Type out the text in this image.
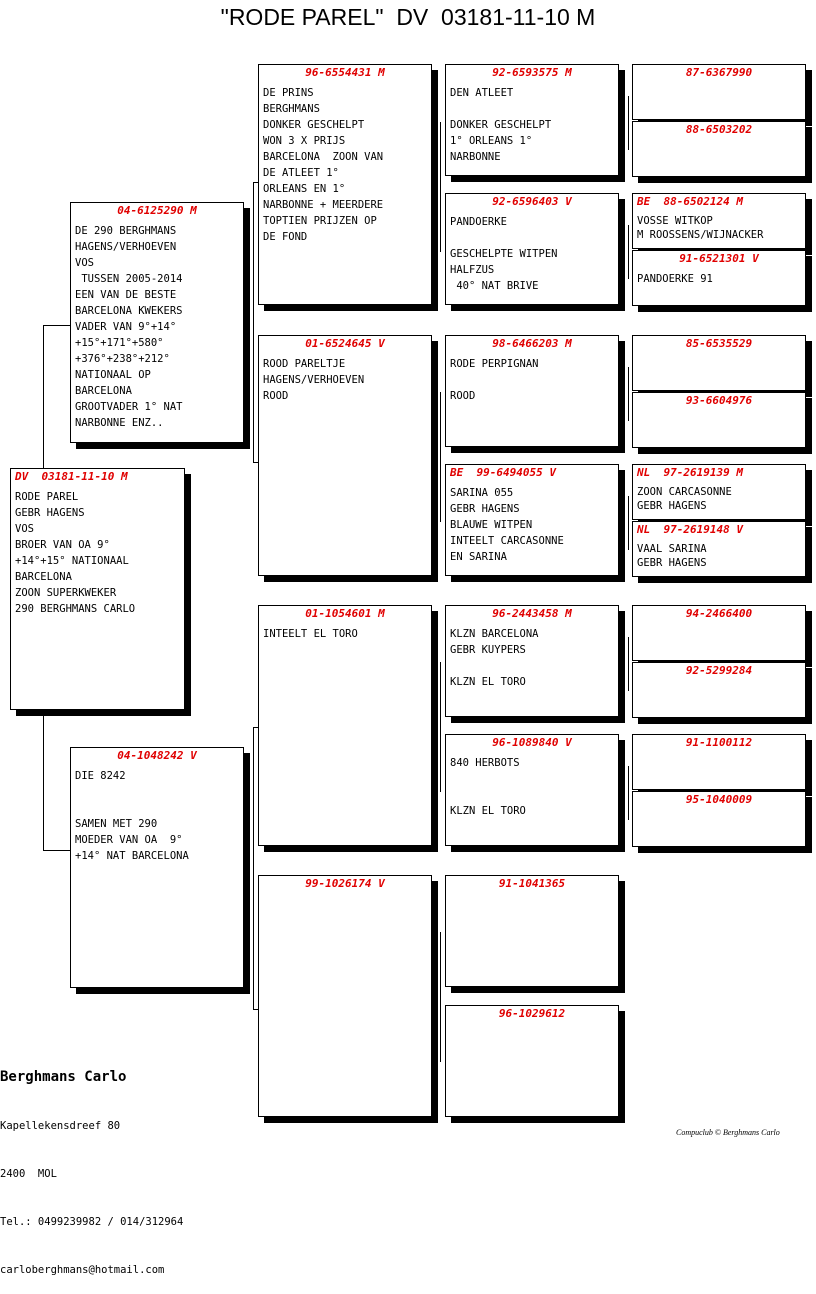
"RODE PAREL"  DV  03181-11-10 M
DV  03181-11-10 M
RODE PAREL
GEBR HAGENS
VOS
BROER VAN OA 9°
+14°+15° NATIONAAL
BARCELONA
ZOON SUPERKWEKER
290 BERGHMANS CARLO
04-6125290 M
DE 290 BERGHMANS
HAGENS/VERHOEVEN
VOS
TUSSEN 2005-2014
EEN VAN DE BESTE
BARCELONA KWEKERS
VADER VAN 9°+14°
+15°+171°+580°
+376°+238°+212°
NATIONAAL OP
BARCELONA
GROOTVADER 1° NAT
NARBONNE ENZ..
04-1048242 V
DIE 8242

SAMEN MET 290
MOEDER VAN OA  9°
+14° NAT BARCELONA
96-6554431 M
DE PRINS
BERGHMANS
DONKER GESCHELPT
WON 3 X PRIJS
BARCELONA  ZOON VAN
DE ATLEET 1°
ORLEANS EN 1°
NARBONNE + MEERDERE
TOPTIEN PRIJZEN OP
DE FOND
01-6524645 V
ROOD PARELTJE
HAGENS/VERHOEVEN
ROOD
01-1054601 M
INTEELT EL TORO
99-1026174 V
92-6593575 M
DEN ATLEET

DONKER GESCHELPT
1° ORLEANS 1°
NARBONNE
92-6596403 V
PANDOERKE

GESCHELPTE WITPEN
HALFZUS
40° NAT BRIVE
98-6466203 M
RODE PERPIGNAN

ROOD
BE  99-6494055 V
SARINA 055
GEBR HAGENS
BLAUWE WITPEN
INTEELT CARCASONNE
EN SARINA
96-2443458 M
KLZN BARCELONA
GEBR KUYPERS

KLZN EL TORO
96-1089840 V
840 HERBOTS

KLZN EL TORO
91-1041365
96-1029612
87-6367990
88-6503202
BE  88-6502124 M
VOSSE WITKOP
M ROOSSENS/WIJNACKER
91-6521301 V
PANDOERKE 91
85-6535529
93-6604976
NL  97-2619139 M
ZOON CARCASONNE
GEBR HAGENS
NL  97-2619148 V
VAAL SARINA
GEBR HAGENS
94-2466400
92-5299284
91-1100112
95-1040009

Berghmans Carlo

Kapellekensdreef 80

2400  MOL

Tel.: 0499239982 / 014/312964

carloberghmans@hotmail.com

Compuclub © Berghmans Carlo
